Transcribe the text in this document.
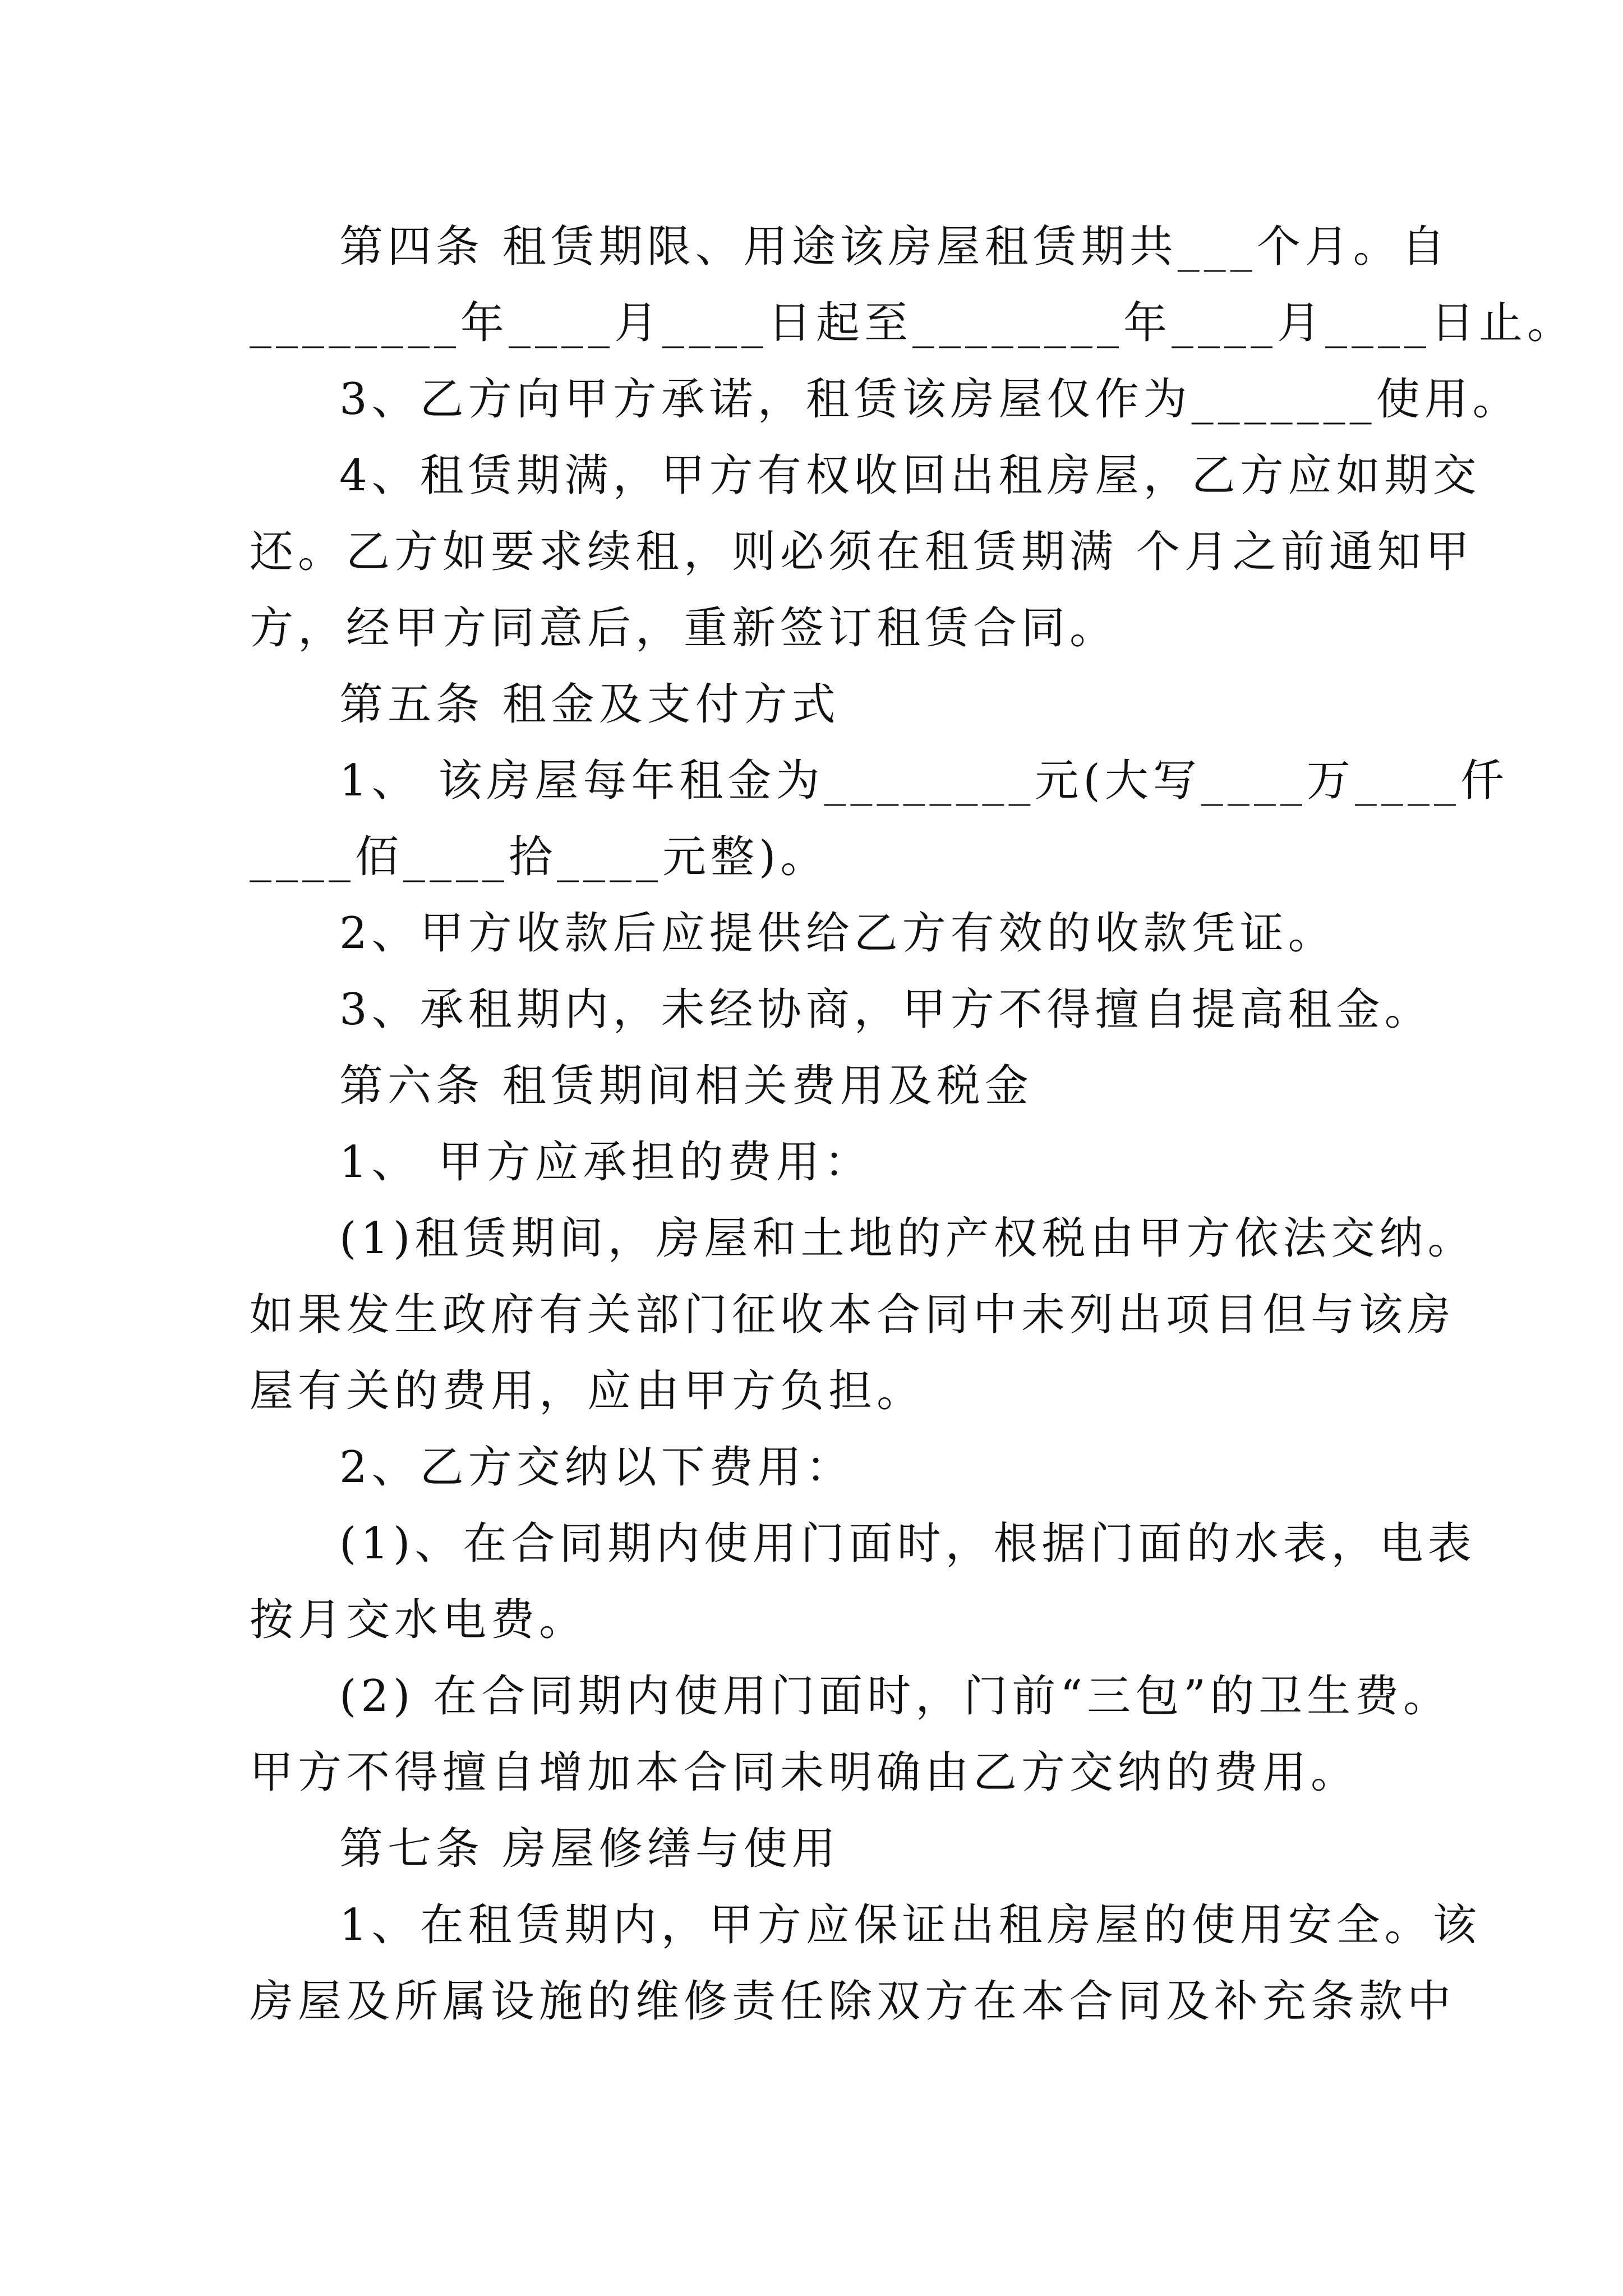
第四条 租赁期限、用途该房屋租赁期共___个月。自
________年____月____日起至________年____月____日止。
3、乙方向甲方承诺，租赁该房屋仅作为_______使用。
4、租赁期满，甲方有权收回出租房屋，乙方应如期交
还。乙方如要求续租，则必须在租赁期满 个月之前通知甲
方，经甲方同意后，重新签订租赁合同。
第五条 租金及支付方式
1、 该房屋每年租金为________元(大写____万____仟
____佰____拾____元整)。
2、甲方收款后应提供给乙方有效的收款凭证。
3、承租期内，未经协商，甲方不得擅自提高租金。
第六条 租赁期间相关费用及税金
1、 甲方应承担的费用：
(1)租赁期间，房屋和土地的产权税由甲方依法交纳。
如果发生政府有关部门征收本合同中未列出项目但与该房
屋有关的费用，应由甲方负担。
2、乙方交纳以下费用：
(1)、在合同期内使用门面时，根据门面的水表，电表
按月交水电费。
(2) 在合同期内使用门面时，门前“三包”的卫生费。
甲方不得擅自增加本合同未明确由乙方交纳的费用。
第七条 房屋修缮与使用
1、在租赁期内，甲方应保证出租房屋的使用安全。该
房屋及所属设施的维修责任除双方在本合同及补充条款中
